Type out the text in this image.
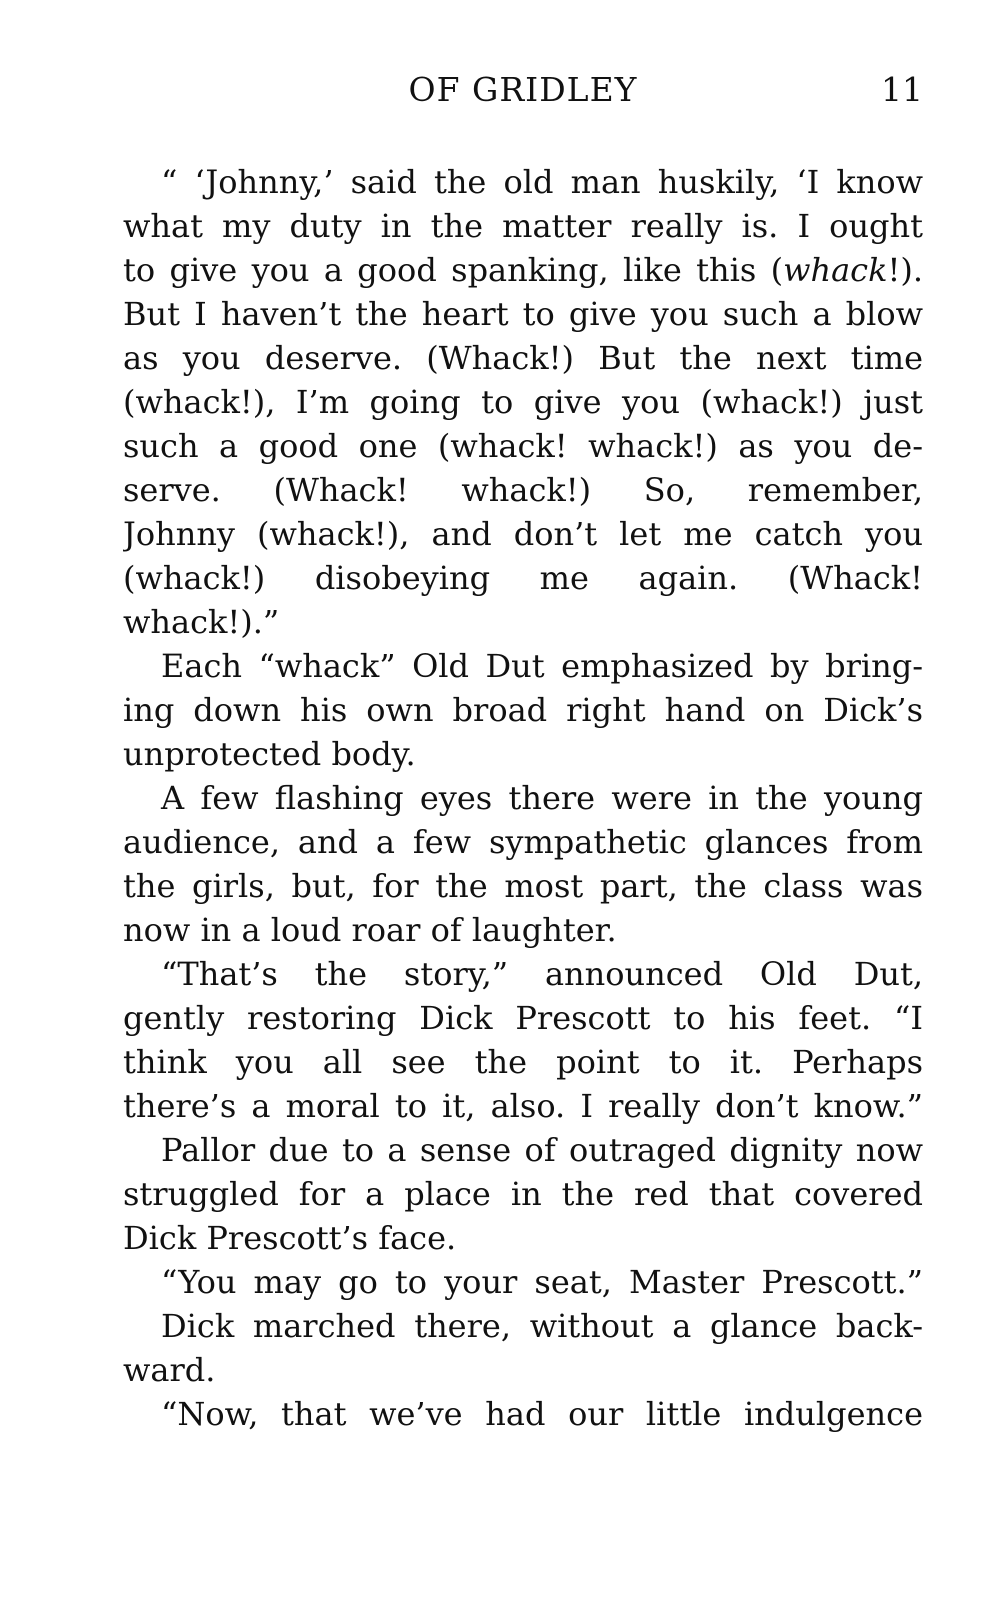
OF GRIDLEY	11
“ ‘Johnny,’ said the old man huskily, ‘I know
what my duty in the matter really is. I ought
to give you a good spanking, like this (whack!).
But I haven’t the heart to give you such a blow
as you deserve. (Whack!) But the next time
(whack!), I’m going to give you (whack!) just
such a good one (whack! whack!) as you de-
serve. (Whack! whack!) So, remember,
Johnny (whack!), and don’t let me catch you
(whack!) disobeying me again. (Whack!
whack!).”
Each “whack” Old Dut emphasized by bring-
ing down his own broad right hand on Dick’s
unprotected body.
A few flashing eyes there were in the young
audience, and a few sympathetic glances from
the girls, but, for the most part, the class was
now in a loud roar of laughter.
“That’s the story,” announced Old Dut,
gently restoring Dick Prescott to his feet. “I
think you all see the point to it. Perhaps
there’s a moral to it, also. I really don’t know.”
Pallor due to a sense of outraged dignity now
struggled for a place in the red that covered
Dick Prescott’s face.
“You may go to your seat, Master Prescott.”
Dick marched there, without a glance back-
ward.
“Now, that we’ve had our little indulgence
